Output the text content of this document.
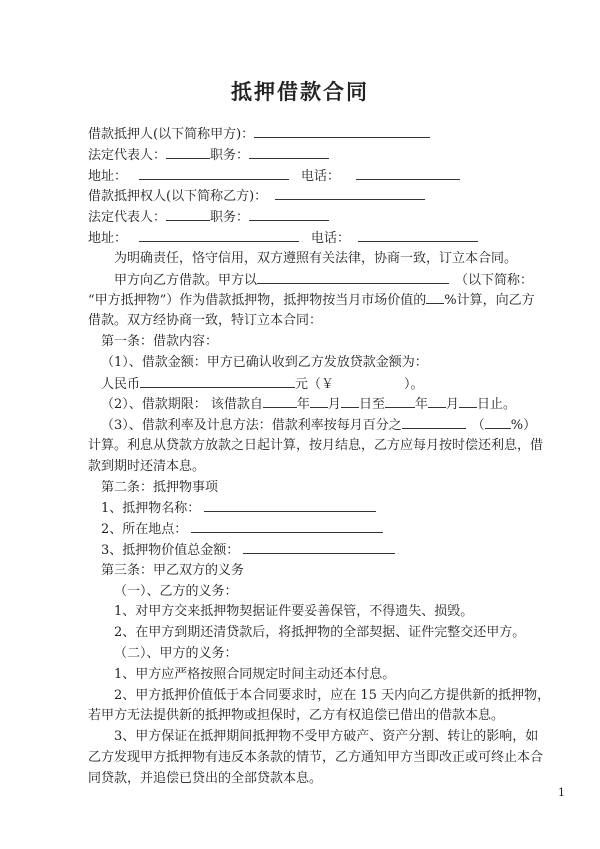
抵押借款合同
借款抵押人(以下简称甲方)：
法定代表人：	职务：
地址：	电话：
借款抵押权人(以下简称乙方)：
法定代表人：	职务：
地址：	电话：
为明确责任，恪守信用，双方遵照有关法律，协商一致，订立本合同。
甲方向乙方借款。甲方以	（以下简称：
“甲方抵押物”）作为借款抵押物，抵押物按当月市场价值的 %计算，向乙方
借款。双方经协商一致，特订立本合同：
第一条：借款内容：
（1）、借款金额：甲方已确认收到乙方发放贷款金额为：
人民币	元（￥	）。
（2）、借款期限： 该借款自	年 月 日至 年 月 日止。
（3）、借款利率及计息方法：借款利率按每月百分之	（ %）
计算。利息从贷款方放款之日起计算，按月结息，乙方应每月按时偿还利息，借
款到期时还清本息。
第二条：抵押物事项
1、抵押物名称：
2、所在地点：
3、抵押物价值总金额：
第三条：甲乙双方的义务
（一）、乙方的义务：
1、对甲方交来抵押物契据证件要妥善保管，不得遗失、损毁。
2、在甲方到期还清贷款后，将抵押物的全部契据、证件完整交还甲方。
（二）、甲方的义务：
1、甲方应严格按照合同规定时间主动还本付息。
2、甲方抵押价值低于本合同要求时，应在 15 天内向乙方提供新的抵押物，
若甲方无法提供新的抵押物或担保时，乙方有权追偿已借出的借款本息。
3、甲方保证在抵押期间抵押物不受甲方破产、资产分割、转让的影响，如
乙方发现甲方抵押物有违反本条款的情节，乙方通知甲方当即改正或可终止本合
同贷款，并追偿已贷出的全部贷款本息。
1
